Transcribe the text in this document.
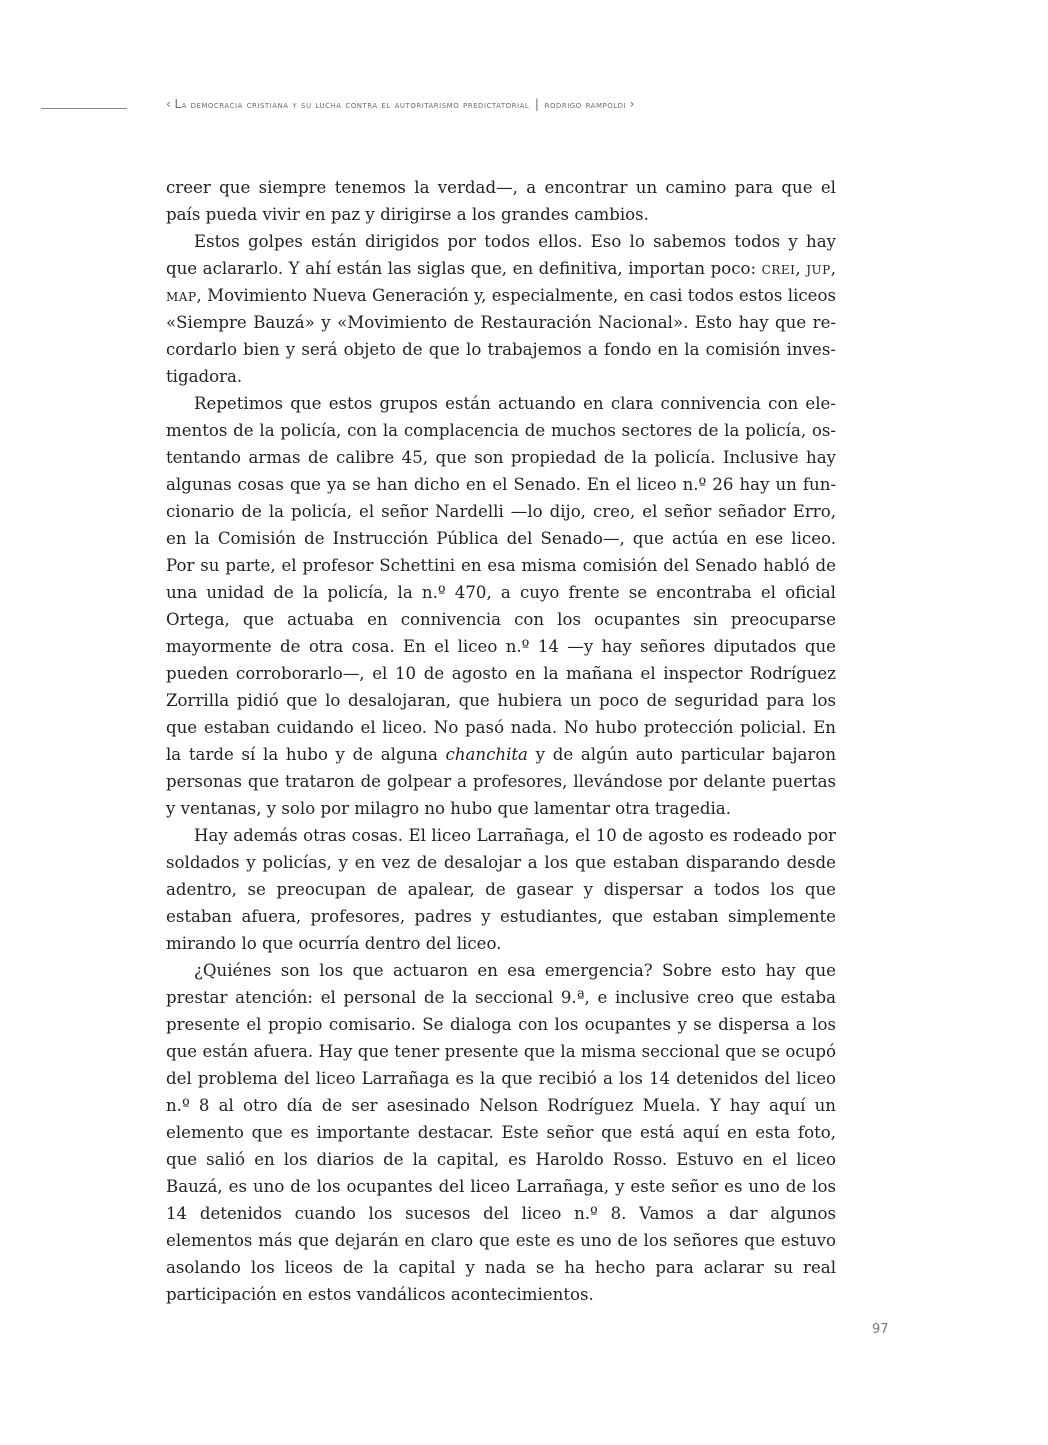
‹ La democracia cristiana y su lucha contra el autoritarismo predictatorial | rodrigo rampoldi ›

creer que siempre tenemos la verdad—, a encontrar un camino para que el país pueda vivir en paz y dirigirse a los grandes cambios.

Estos golpes están dirigidos por todos ellos. Eso lo sabemos todos y hay que aclararlo. Y ahí están las siglas que, en definitiva, importan poco: crei, jup, map, Movimiento Nueva Generación y, especialmente, en casi todos estos liceos «Siempre Bauzá» y «Movimiento de Restauración Nacional». Esto hay que recordarlo bien y será objeto de que lo trabajemos a fondo en la comisión investigadora.

Repetimos que estos grupos están actuando en clara connivencia con elementos de la policía, con la complacencia de muchos sectores de la policía, ostentando armas de calibre 45, que son propiedad de la policía. Inclusive hay algunas cosas que ya se han dicho en el Senado. En el liceo n.º 26 hay un funcionario de la policía, el señor Nardelli —lo dijo, creo, el señor señador Erro, en la Comisión de Instrucción Pública del Senado—, que actúa en ese liceo. Por su parte, el profesor Schettini en esa misma comisión del Senado habló de una unidad de la policía, la n.º 470, a cuyo frente se encontraba el oficial Ortega, que actuaba en connivencia con los ocupantes sin preocuparse mayormente de otra cosa. En el liceo n.º 14 —y hay señores diputados que pueden corroborarlo—, el 10 de agosto en la mañana el inspector Rodríguez Zorrilla pidió que lo desalojaran, que hubiera un poco de seguridad para los que estaban cuidando el liceo. No pasó nada. No hubo protección policial. En la tarde sí la hubo y de alguna chanchita y de algún auto particular bajaron personas que trataron de golpear a profesores, llevándose por delante puertas y ventanas, y solo por milagro no hubo que lamentar otra tragedia.

Hay además otras cosas. El liceo Larrañaga, el 10 de agosto es rodeado por soldados y policías, y en vez de desalojar a los que estaban disparando desde adentro, se preocupan de apalear, de gasear y dispersar a todos los que estaban afuera, profesores, padres y estudiantes, que estaban simplemente mirando lo que ocurría dentro del liceo.

¿Quiénes son los que actuaron en esa emergencia? Sobre esto hay que prestar atención: el personal de la seccional 9.ª, e inclusive creo que estaba presente el propio comisario. Se dialoga con los ocupantes y se dispersa a los que están afuera. Hay que tener presente que la misma seccional que se ocupó del problema del liceo Larrañaga es la que recibió a los 14 detenidos del liceo n.º 8 al otro día de ser asesinado Nelson Rodríguez Muela. Y hay aquí un elemento que es importante destacar. Este señor que está aquí en esta foto, que salió en los diarios de la capital, es Haroldo Rosso. Estuvo en el liceo Bauzá, es uno de los ocupantes del liceo Larrañaga, y este señor es uno de los 14 detenidos cuando los sucesos del liceo n.º 8. Vamos a dar algunos elementos más que dejarán en claro que este es uno de los señores que estuvo asolando los liceos de la capital y nada se ha hecho para aclarar su real participación en estos vandálicos acontecimientos.

97
